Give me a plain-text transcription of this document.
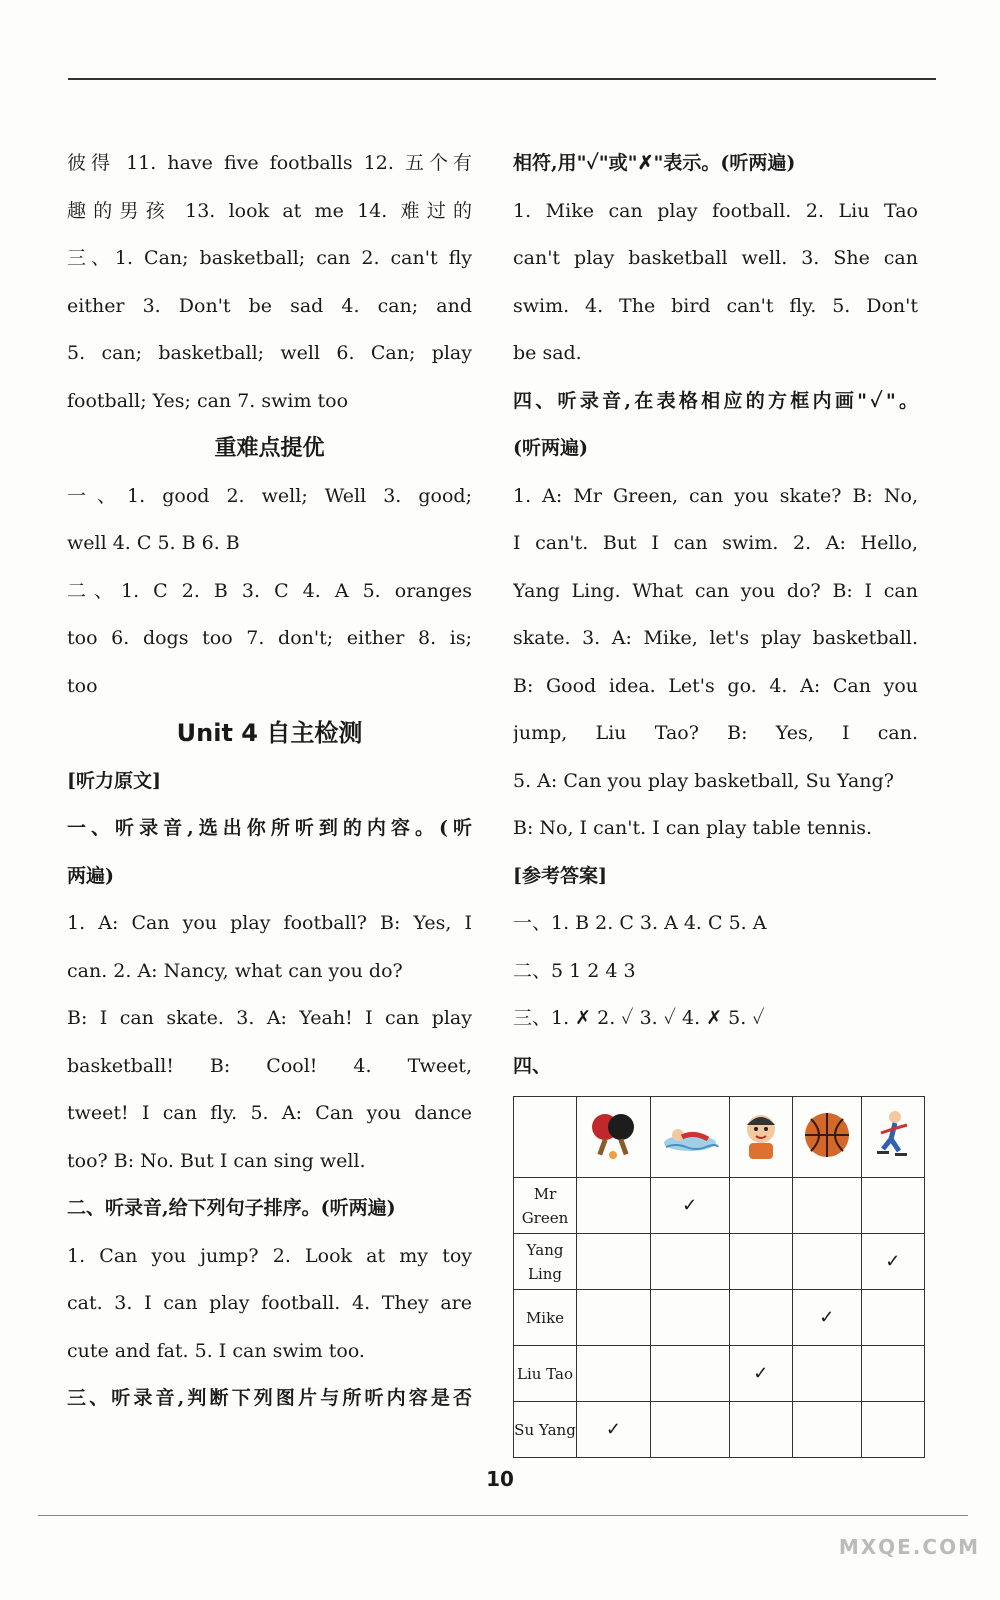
彼得 11. have five footballs 12. 五个有
趣的男孩 13. look at me 14. 难过的
三、1. Can; basketball; can 2. can't fly
either 3. Don't be sad 4. can; and
5. can; basketball; well 6. Can; play
football; Yes; can 7. swim too
重难点提优
一、1. good 2. well; Well 3. good;
well 4. C 5. B 6. B
二、1. C 2. B 3. C 4. A 5. oranges
too 6. dogs too 7. don't; either 8. is;
too
Unit 4 自主检测
[听力原文]
一、听录音,选出你所听到的内容。(听
两遍)
1. A: Can you play football? B: Yes, I
can. 2. A: Nancy, what can you do?
B: I can skate. 3. A: Yeah! I can play
basketball! B: Cool! 4. Tweet,
tweet! I can fly. 5. A: Can you dance
too? B: No. But I can sing well.
二、听录音,给下列句子排序。(听两遍)
1. Can you jump? 2. Look at my toy
cat. 3. I can play football. 4. They are
cute and fat. 5. I can swim too.
三、听录音,判断下列图片与所听内容是否
相符,用"✓"或"✗"表示。(听两遍)
1. Mike can play football. 2. Liu Tao
can't play basketball well. 3. She can
swim. 4. The bird can't fly. 5. Don't
be sad.
四、听录音,在表格相应的方框内画"✓"。
(听两遍)
1. A: Mr Green, can you skate? B: No,
I can't. But I can swim. 2. A: Hello,
Yang Ling. What can you do? B: I can
skate. 3. A: Mike, let's play basketball.
B: Good idea. Let's go. 4. A: Can you
jump, Liu Tao? B: Yes, I can.
5. A: Can you play basketball, Su Yang?
B: No, I can't. I can play table tennis.
[参考答案]
一、1. B 2. C 3. A 4. C 5. A
二、5 1 2 4 3
三、1. ✗ 2. ✓ 3. ✓ 4. ✗ 5. ✓
四、

Mr Green		✓			
Yang Ling					✓
Mike				✓	
Liu Tao			✓		
Su Yang	✓				
10
MXQE.COM
